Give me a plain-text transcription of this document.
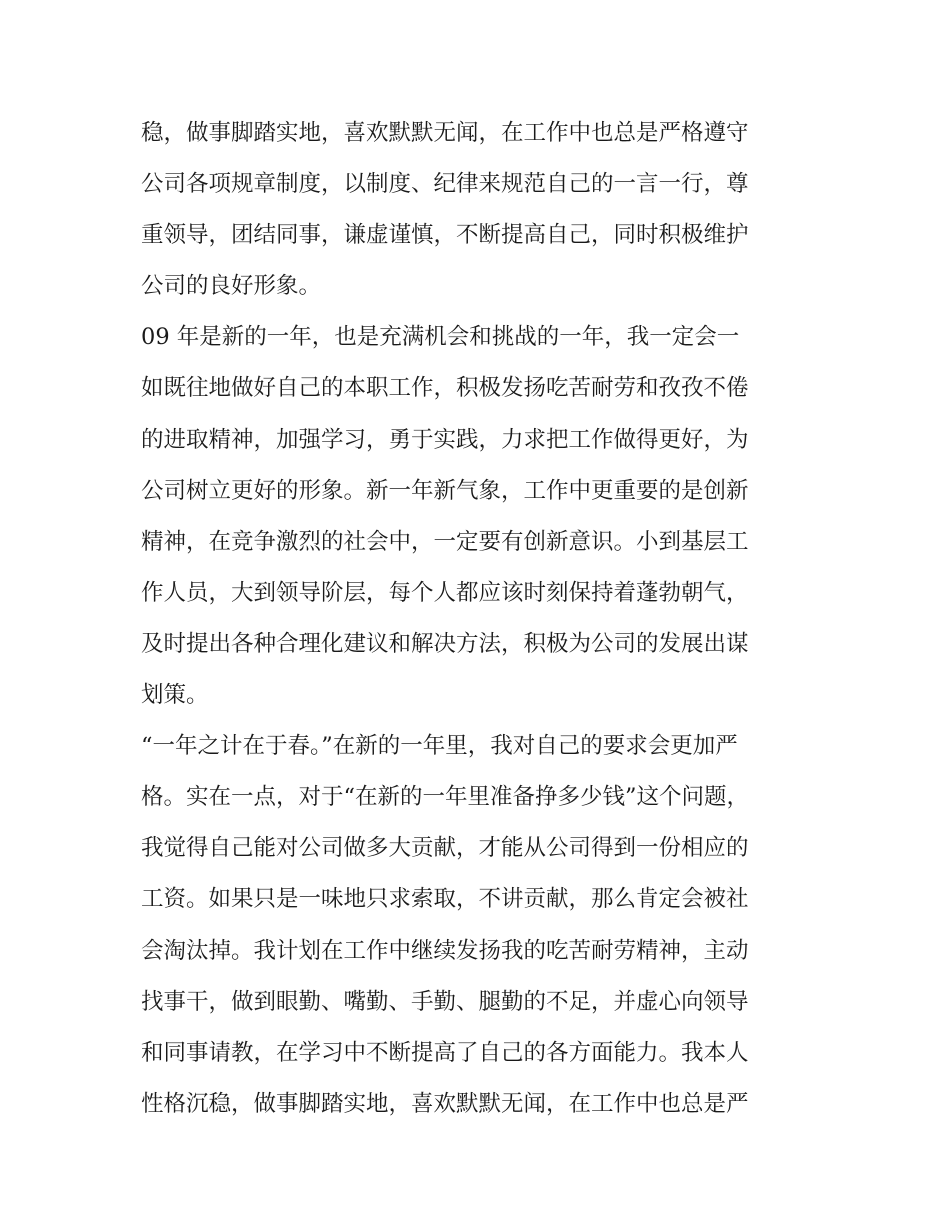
稳，做事脚踏实地，喜欢默默无闻，在工作中也总是严格遵守

公司各项规章制度，以制度、纪律来规范自己的一言一行，尊

重领导，团结同事，谦虚谨慎，不断提高自己，同时积极维护

公司的良好形象。

09 年是新的一年，也是充满机会和挑战的一年，我一定会一

如既往地做好自己的本职工作，积极发扬吃苦耐劳和孜孜不倦

的进取精神，加强学习，勇于实践，力求把工作做得更好，为

公司树立更好的形象。新一年新气象，工作中更重要的是创新

精神，在竞争激烈的社会中，一定要有创新意识。小到基层工

作人员，大到领导阶层，每个人都应该时刻保持着蓬勃朝气，

及时提出各种合理化建议和解决方法，积极为公司的发展出谋

划策。

“一年之计在于春。”在新的一年里，我对自己的要求会更加严

格。实在一点，对于“在新的一年里准备挣多少钱”这个问题，

我觉得自己能对公司做多大贡献，才能从公司得到一份相应的

工资。如果只是一味地只求索取，不讲贡献，那么肯定会被社

会淘汰掉。我计划在工作中继续发扬我的吃苦耐劳精神，主动

找事干，做到眼勤、嘴勤、手勤、腿勤的不足，并虚心向领导

和同事请教，在学习中不断提高了自己的各方面能力。我本人

性格沉稳，做事脚踏实地，喜欢默默无闻，在工作中也总是严
